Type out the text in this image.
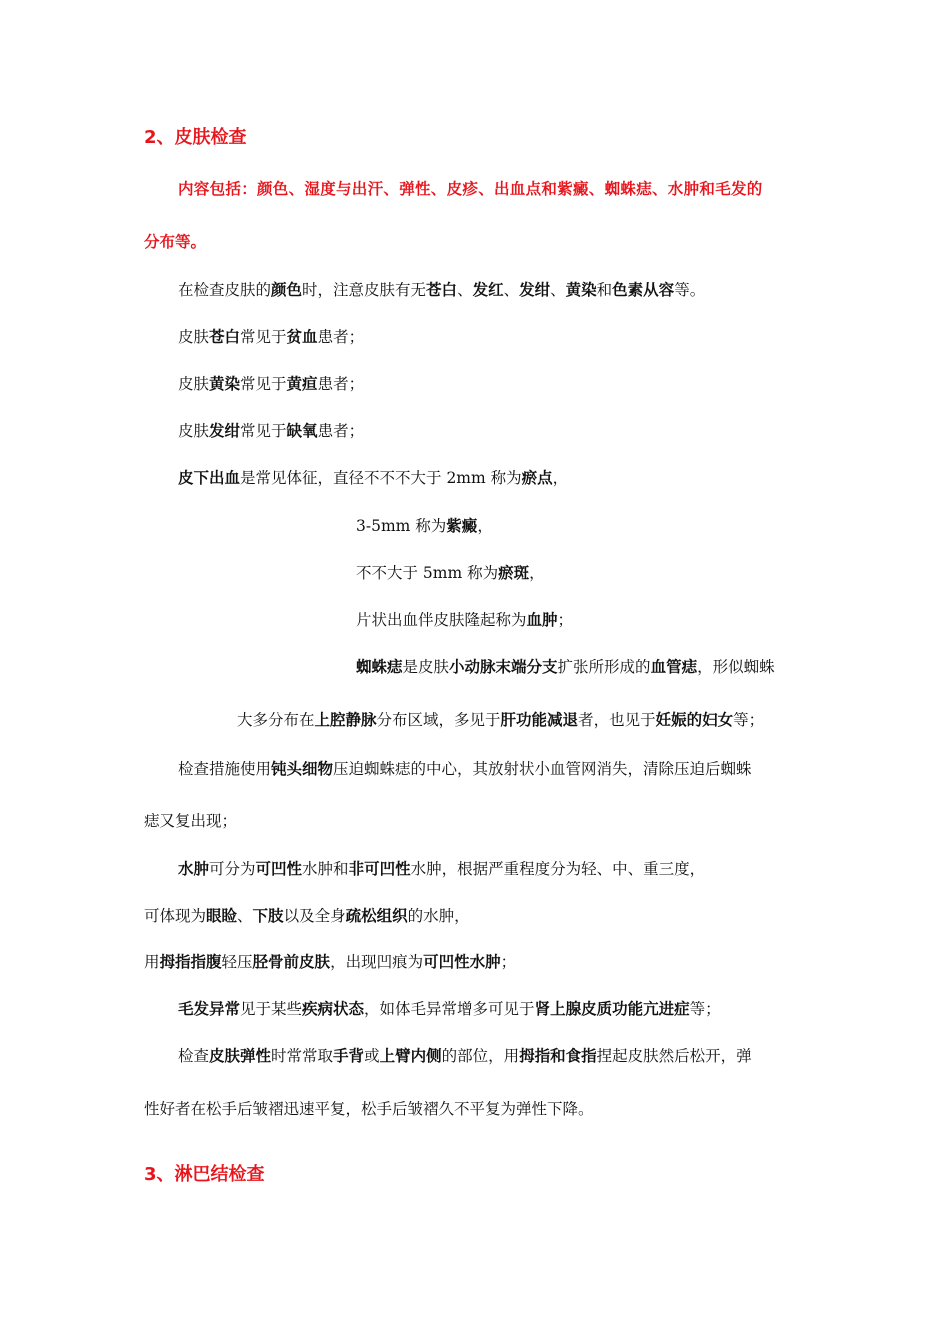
2、皮肤检查
内容包括：颜色、湿度与出汗、弹性、皮疹、出血点和紫癜、蜘蛛痣、水肿和毛发的
分布等。
在检查皮肤的颜色时，注意皮肤有无苍白、发红、发绀、黄染和色素从容等。
皮肤苍白常见于贫血患者；
皮肤黄染常见于黄疸患者；
皮肤发绀常见于缺氧患者；
皮下出血是常见体征，直径不不不大于 2mm 称为瘀点，
3-5mm 称为紫癜，
不不大于 5mm 称为瘀斑，
片状出血伴皮肤隆起称为血肿；
蜘蛛痣是皮肤小动脉末端分支扩张所形成的血管痣，形似蜘蛛
大多分布在上腔静脉分布区域，多见于肝功能减退者，也见于妊娠的妇女等；
检查措施使用钝头细物压迫蜘蛛痣的中心，其放射状小血管网消失，清除压迫后蜘蛛
痣又复出现；
水肿可分为可凹性水肿和非可凹性水肿，根据严重程度分为轻、中、重三度，
可体现为眼睑、下肢以及全身疏松组织的水肿，
用拇指指腹轻压胫骨前皮肤，出现凹痕为可凹性水肿；
毛发异常见于某些疾病状态，如体毛异常增多可见于肾上腺皮质功能亢进症等；
检查皮肤弹性时常常取手背或上臂内侧的部位，用拇指和食指捏起皮肤然后松开，弹
性好者在松手后皱褶迅速平复，松手后皱褶久不平复为弹性下降。
3、淋巴结检查
